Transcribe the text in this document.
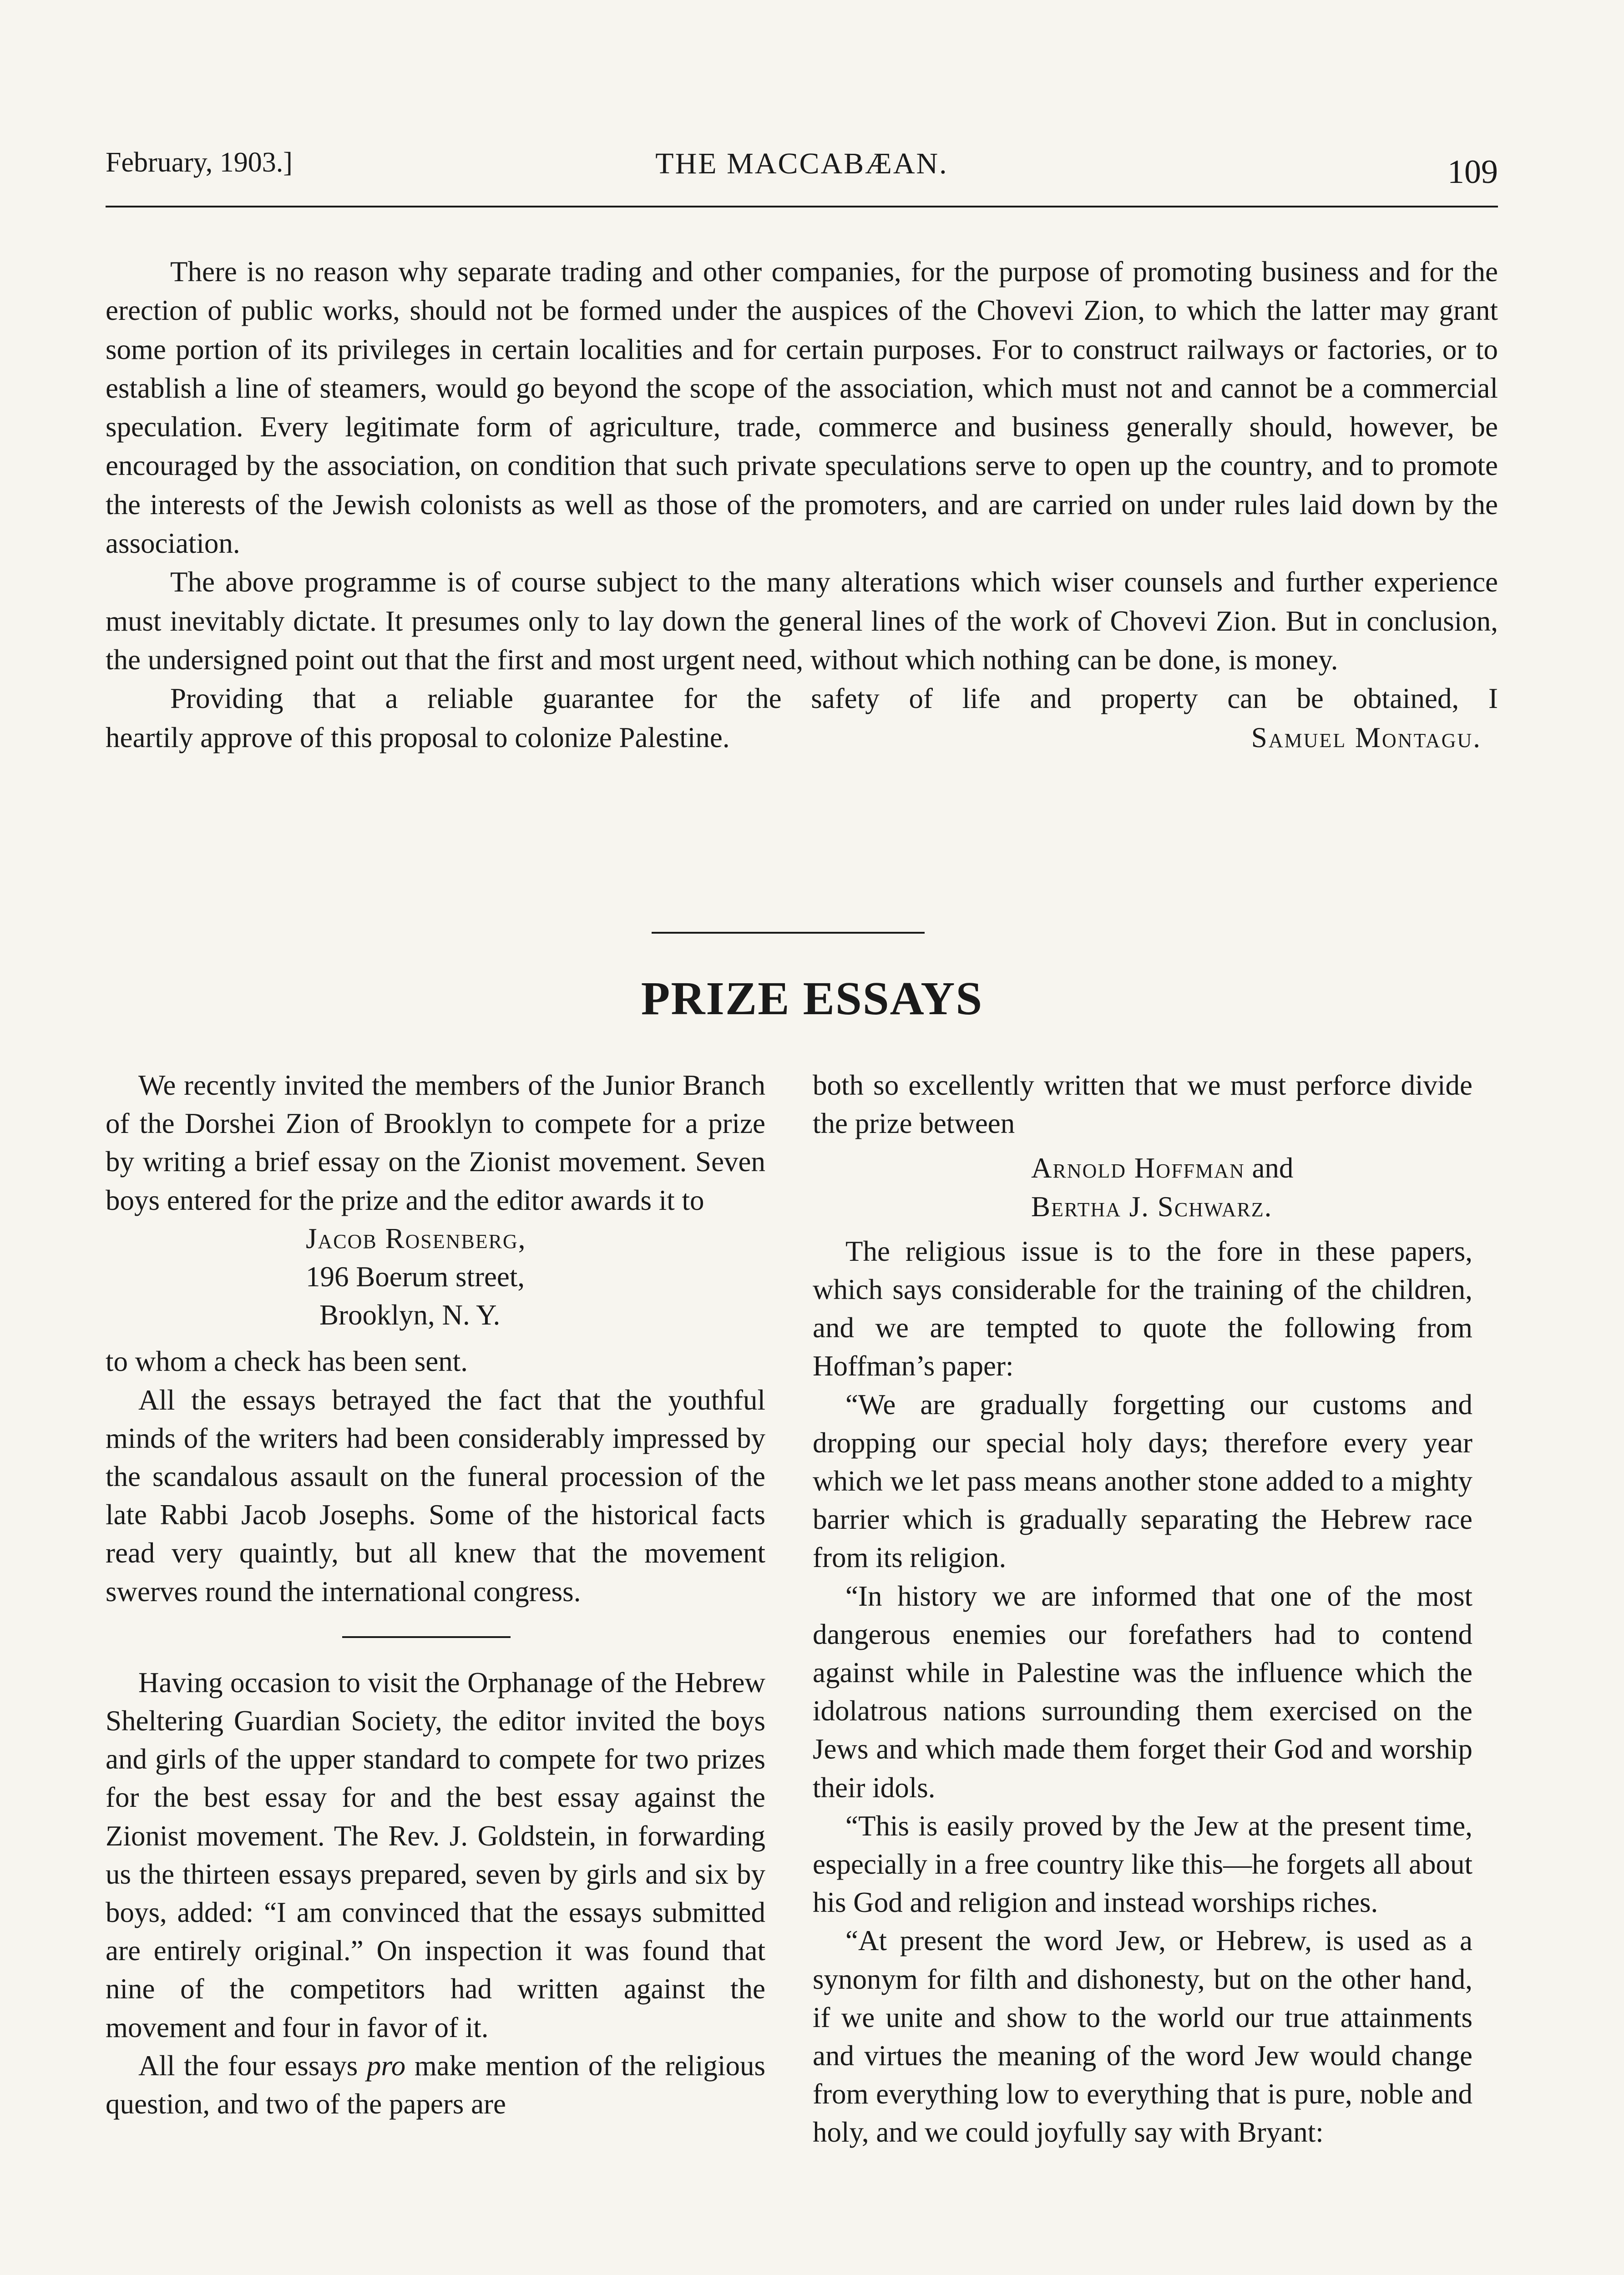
February, 1903.]	THE MACCABÆAN.	109

There is no reason why separate trading and other companies, for the purpose of promoting business and for the erection of public works, should not be formed under the auspices of the Chovevi Zion, to which the latter may grant some portion of its privileges in certain localities and for certain purposes. For to construct railways or factories, or to establish a line of steamers, would go beyond the scope of the association, which must not and cannot be a commercial speculation. Every legitimate form of agriculture, trade, commerce and business generally should, however, be encouraged by the association, on condition that such private speculations serve to open up the country, and to promote the interests of the Jewish colonists as well as those of the promoters, and are carried on under rules laid down by the association.

The above programme is of course subject to the many alterations which wiser counsels and further experience must inevitably dictate. It presumes only to lay down the general lines of the work of Chovevi Zion. But in conclusion, the undersigned point out that the first and most urgent need, without which nothing can be done, is money.

Providing that a reliable guarantee for the safety of life and property can be obtained, I

heartily approve of this proposal to colonize Palestine.	Samuel Montagu.
PRIZE ESSAYS

We recently invited the members of the Junior Branch of the Dorshei Zion of Brooklyn to compete for a prize by writing a brief essay on the Zionist movement. Seven boys entered for the prize and the editor awards it to

Jacob Rosenberg,
196 Boerum street,
Brooklyn, N. Y.

to whom a check has been sent.

All the essays betrayed the fact that the youthful minds of the writers had been considerably impressed by the scandalous assault on the funeral procession of the late Rabbi Jacob Josephs. Some of the historical facts read very quaintly, but all knew that the movement swerves round the international congress.

Having occasion to visit the Orphanage of the Hebrew Sheltering Guardian Society, the editor invited the boys and girls of the upper standard to compete for two prizes for the best essay for and the best essay against the Zionist movement. The Rev. J. Goldstein, in forwarding us the thirteen essays prepared, seven by girls and six by boys, added: “I am convinced that the essays submitted are entirely original.” On inspection it was found that nine of the competitors had written against the movement and four in favor of it.

All the four essays pro make mention of the religious question, and two of the papers are

both so excellently written that we must perforce divide the prize between

Arnold Hoffman and
Bertha J. Schwarz.

The religious issue is to the fore in these papers, which says considerable for the training of the children, and we are tempted to quote the following from Hoffman’s paper:

“We are gradually forgetting our customs and dropping our special holy days; therefore every year which we let pass means another stone added to a mighty barrier which is gradually separating the Hebrew race from its religion.

“In history we are informed that one of the most dangerous enemies our forefathers had to contend against while in Palestine was the influence which the idolatrous nations surrounding them exercised on the Jews and which made them forget their God and worship their idols.

“This is easily proved by the Jew at the present time, especially in a free country like this—he forgets all about his God and religion and instead worships riches.

“At present the word Jew, or Hebrew, is used as a synonym for filth and dishonesty, but on the other hand, if we unite and show to the world our true attainments and virtues the meaning of the word Jew would change from everything low to everything that is pure, noble and holy, and we could joyfully say with Bryant:
